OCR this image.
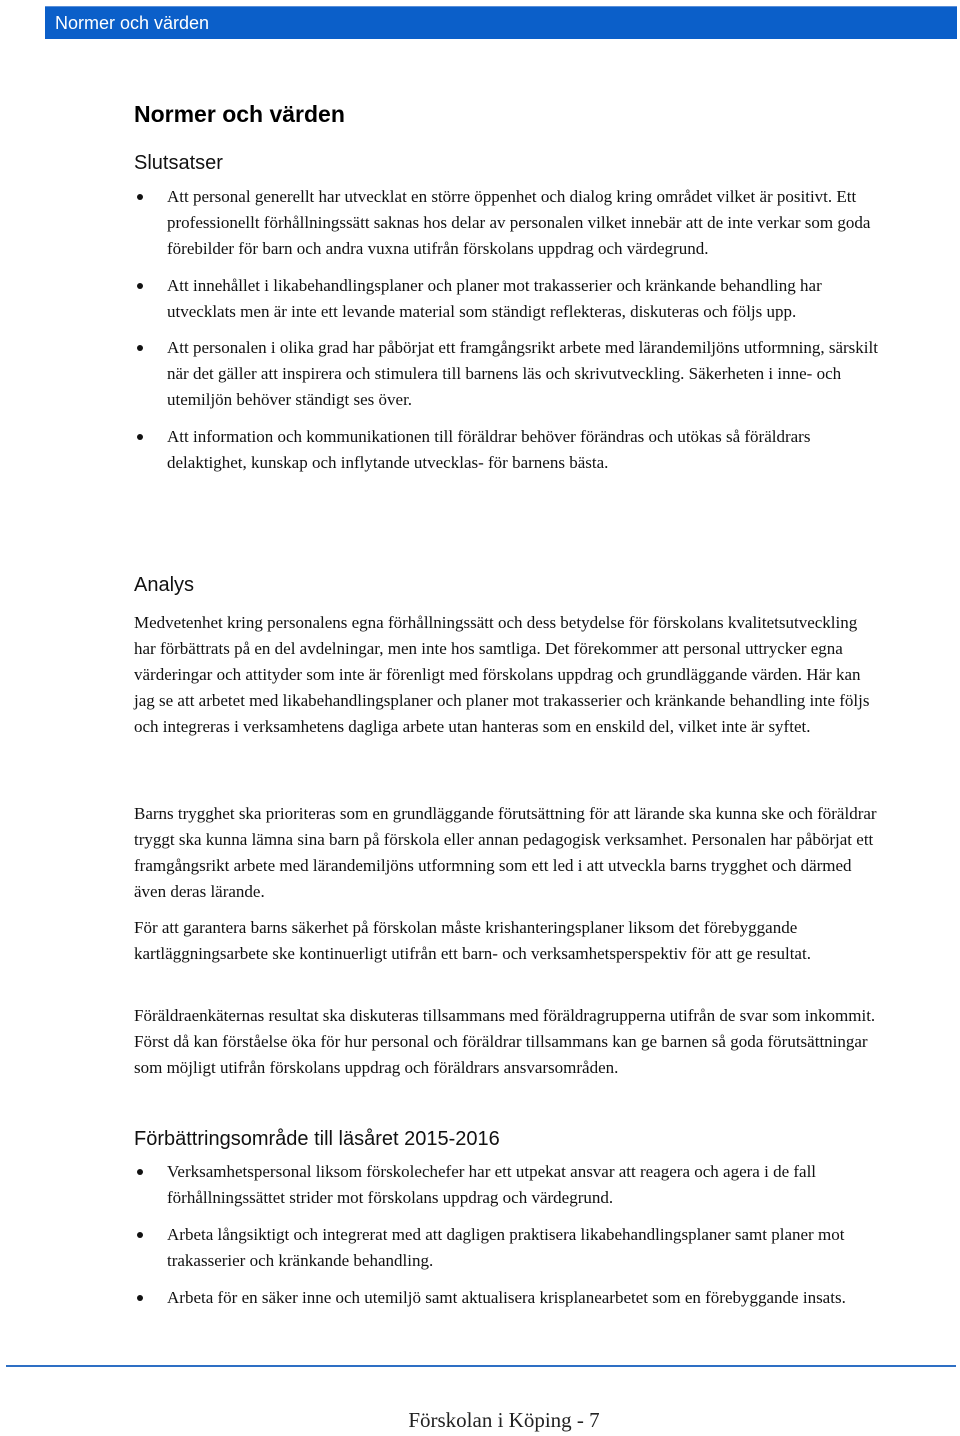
Normer och värden
Normer och värden
Slutsatser
Att personal generellt har utvecklat en större öppenhet och dialog kring området vilket är positivt. Ett professionellt förhållningssätt saknas hos delar av personalen vilket innebär att de inte verkar som goda förebilder för barn och andra vuxna utifrån förskolans uppdrag och värdegrund.
Att innehållet i likabehandlingsplaner och planer mot trakasserier och kränkande behandling har utvecklats men är inte ett levande material som ständigt reflekteras, diskuteras och följs upp.
Att personalen i olika grad har påbörjat ett framgångsrikt arbete med lärandemiljöns utformning, särskilt när det gäller att inspirera och stimulera till barnens läs och skrivutveckling. Säkerheten i inne- och utemiljön behöver ständigt ses över.
Att information och kommunikationen till föräldrar behöver förändras och utökas så föräldrars delaktighet, kunskap och inflytande utvecklas- för barnens bästa.
Analys

Medvetenhet kring personalens egna förhållningssätt och dess betydelse för förskolans kvalitetsutveckling har förbättrats på en del avdelningar, men inte hos samtliga. Det förekommer att personal uttrycker egna värderingar och attityder som inte är förenligt med förskolans uppdrag och grundläggande värden. Här kan jag se att arbetet med likabehandlingsplaner och planer mot trakasserier och kränkande behandling inte följs och integreras i verksamhetens dagliga arbete utan hanteras som en enskild del, vilket inte är syftet.

Barns trygghet ska prioriteras som en grundläggande förutsättning för att lärande ska kunna ske och föräldrar tryggt ska kunna lämna sina barn på förskola eller annan pedagogisk verksamhet. Personalen har påbörjat ett framgångsrikt arbete med lärandemiljöns utformning som ett led i att utveckla barns trygghet och därmed även deras lärande.

För att garantera barns säkerhet på förskolan måste krishanteringsplaner liksom det förebyggande kartläggningsarbete ske kontinuerligt utifrån ett barn- och verksamhetsperspektiv för att ge resultat.

Föräldraenkäternas resultat ska diskuteras tillsammans med föräldragrupperna utifrån de svar som inkommit. Först då kan förståelse öka för hur personal och föräldrar tillsammans kan ge barnen så goda förutsättningar som möjligt utifrån förskolans uppdrag och föräldrars ansvarsområden.

Förbättringsområde till läsåret 2015-2016
Verksamhetspersonal liksom förskolechefer har ett utpekat ansvar att reagera och agera i de fall förhållningssättet strider mot förskolans uppdrag och värdegrund.
Arbeta långsiktigt och integrerat med att dagligen praktisera likabehandlingsplaner samt planer mot trakasserier och kränkande behandling.
Arbeta för en säker inne och utemiljö samt aktualisera krisplanearbetet som en förebyggande insats.
Förskolan i Köping - 7
